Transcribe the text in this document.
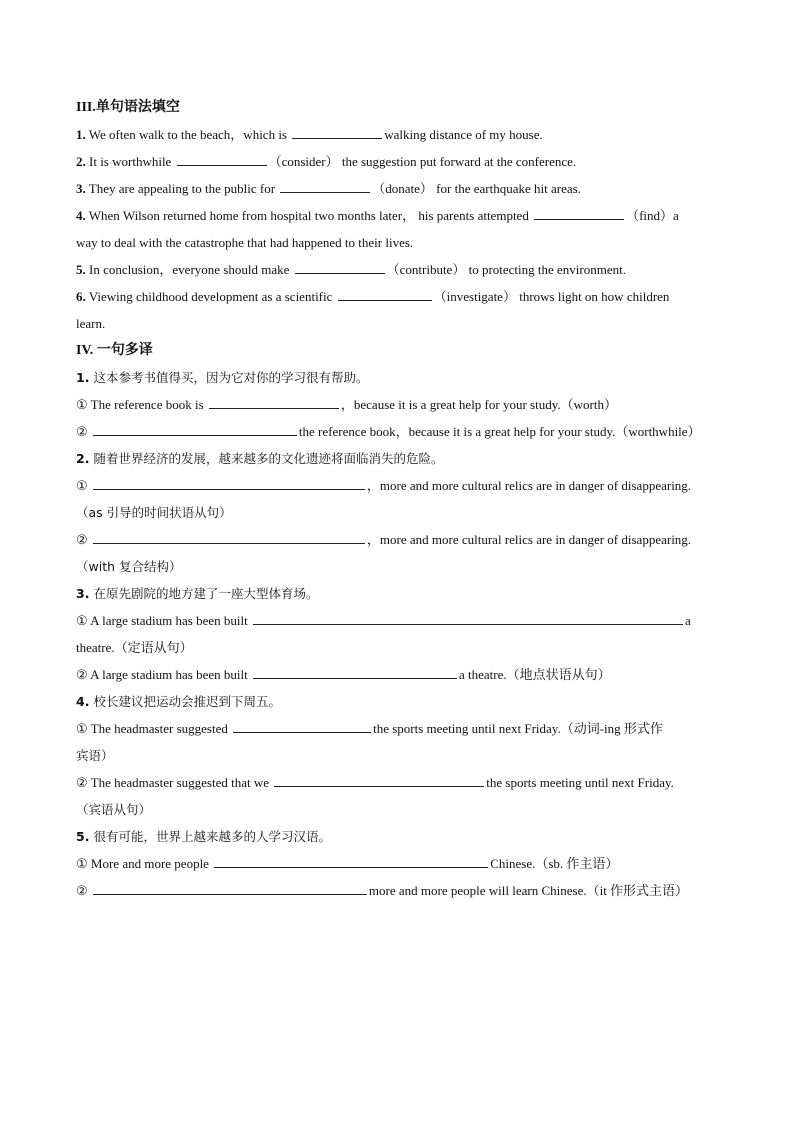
III.单句语法填空
1. We often walk to the beach，which is	walking distance of my house.
2. It is worthwhile	（consider） the suggestion put forward at the conference.
3. They are appealing to the public for	（donate） for the earthquake hit areas.
4. When Wilson returned home from hospital two months later， his parents attempted	（find）a
way to deal with the catastrophe that had happened to their lives.
5. In conclusion，everyone should make	（contribute） to protecting the environment.
6. Viewing childhood development as a scientific	（investigate） throws light on how children
learn.
IV. 一句多译
1. 这本参考书值得买，因为它对你的学习很有帮助。
① The reference book is	，because it is a great help for your study.（worth）
②	the reference book，because it is a great help for your study.（worthwhile）
2. 随着世界经济的发展，越来越多的文化遗迹将面临消失的危险。
①	，more and more cultural relics are in danger of disappearing.
（as 引导的时间状语从句）
②	，more and more cultural relics are in danger of disappearing.
（with 复合结构）
3. 在原先剧院的地方建了一座大型体育场。
① A large stadium has been built	a
theatre.（定语从句）
② A large stadium has been built	a theatre.（地点状语从句）
4. 校长建议把运动会推迟到下周五。
① The headmaster suggested	the sports meeting until next Friday.（动词-ing 形式作
宾语）
② The headmaster suggested that we	the sports meeting until next Friday.
（宾语从句）
5. 很有可能，世界上越来越多的人学习汉语。
① More and more people	Chinese.（sb. 作主语）
②	more and more people will learn Chinese.（it 作形式主语）
